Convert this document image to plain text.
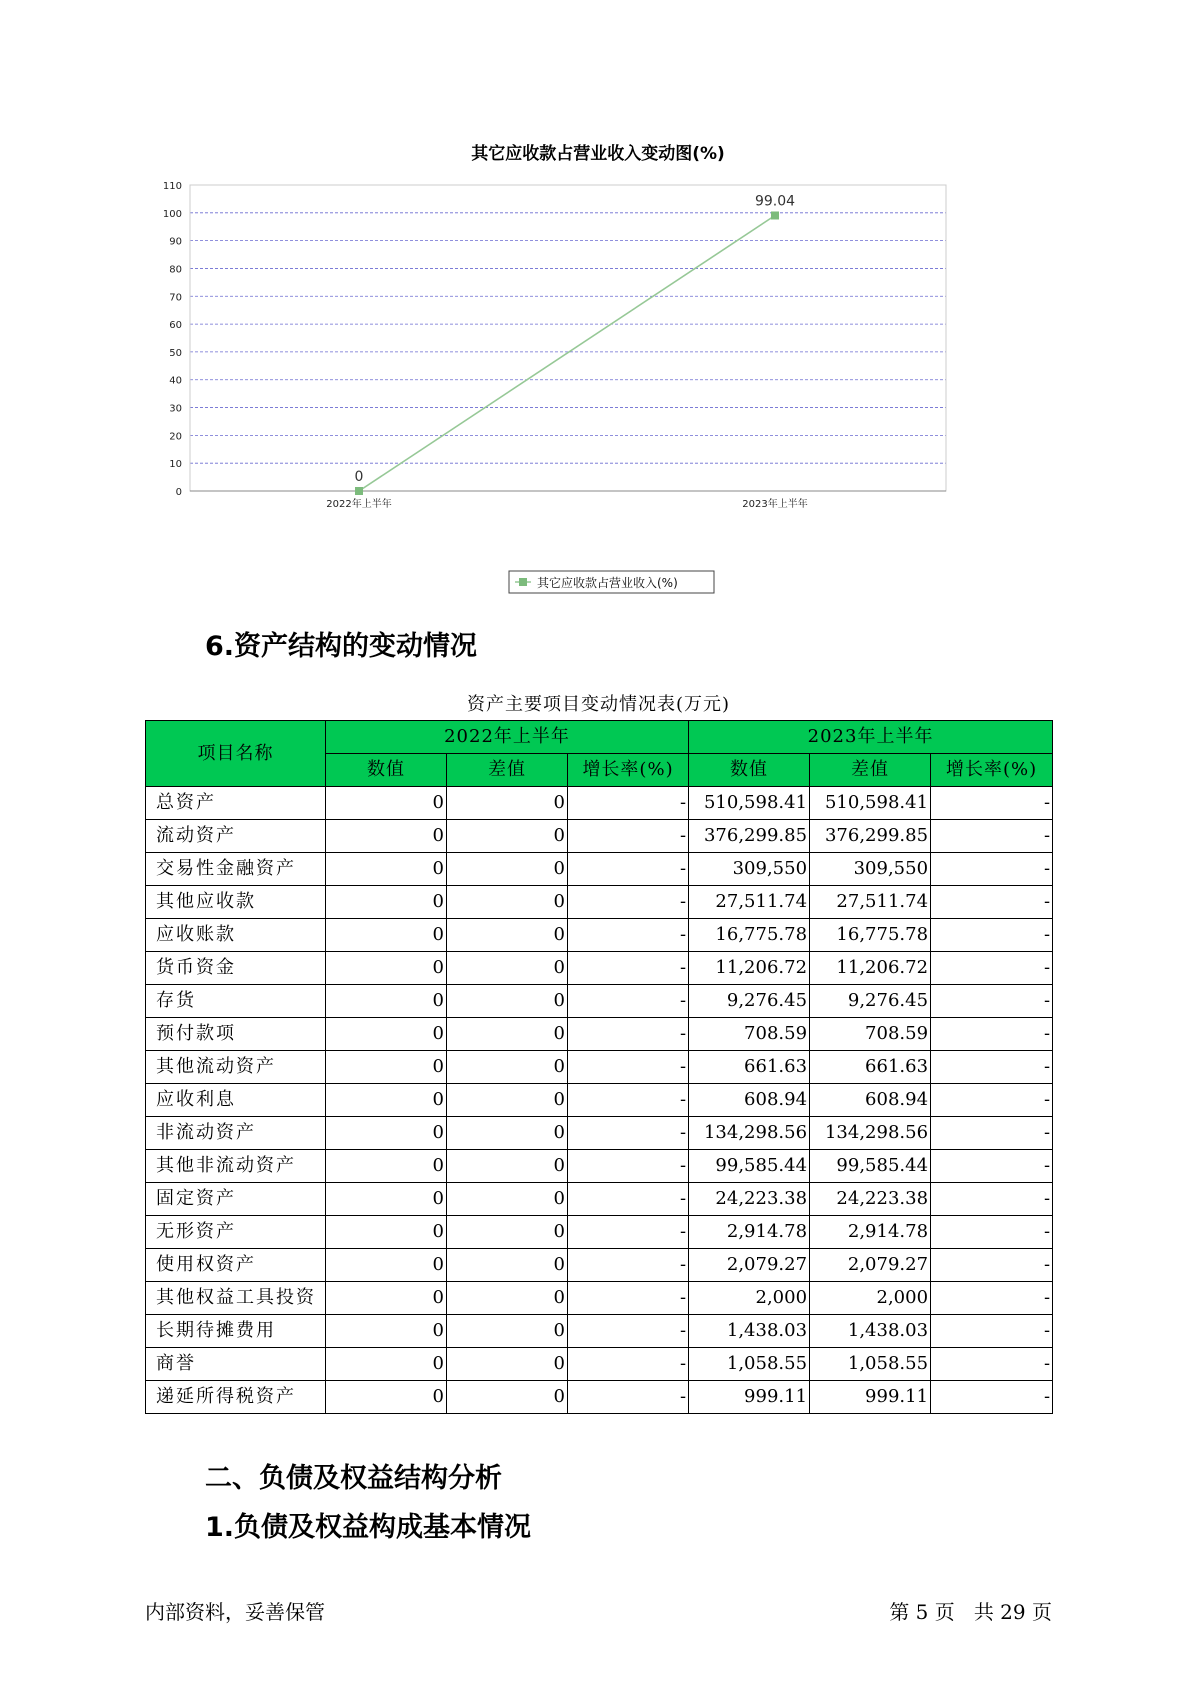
其它应收款占营业收入变动图(%)
0
10
20
30
40
50
60
70
80
90
100
110
2022年上半年	2023年上半年
0
99.04
其它应收款占营业收入(%)
6.资产结构的变动情况
资产主要项目变动情况表(万元)
项目名称	2022年上半年			2023年上半年		
	数值	差值	增长率(%)	数值	差值	增长率(%)
总资产	0	0	-	510,598.41	510,598.41	-
流动资产	0	0	-	376,299.85	376,299.85	-
交易性金融资产	0	0	-	309,550	309,550	-
其他应收款	0	0	-	27,511.74	27,511.74	-
应收账款	0	0	-	16,775.78	16,775.78	-
货币资金	0	0	-	11,206.72	11,206.72	-
存货	0	0	-	9,276.45	9,276.45	-
预付款项	0	0	-	708.59	708.59	-
其他流动资产	0	0	-	661.63	661.63	-
应收利息	0	0	-	608.94	608.94	-
非流动资产	0	0	-	134,298.56	134,298.56	-
其他非流动资产	0	0	-	99,585.44	99,585.44	-
固定资产	0	0	-	24,223.38	24,223.38	-
无形资产	0	0	-	2,914.78	2,914.78	-
使用权资产	0	0	-	2,079.27	2,079.27	-
其他权益工具投资	0	0	-	2,000	2,000	-
长期待摊费用	0	0	-	1,438.03	1,438.03	-
商誉	0	0	-	1,058.55	1,058.55	-
递延所得税资产	0	0	-	999.11	999.11	-
二、负债及权益结构分析
1.负债及权益构成基本情况
内部资料，妥善保管	第 5 页   共 29 页
